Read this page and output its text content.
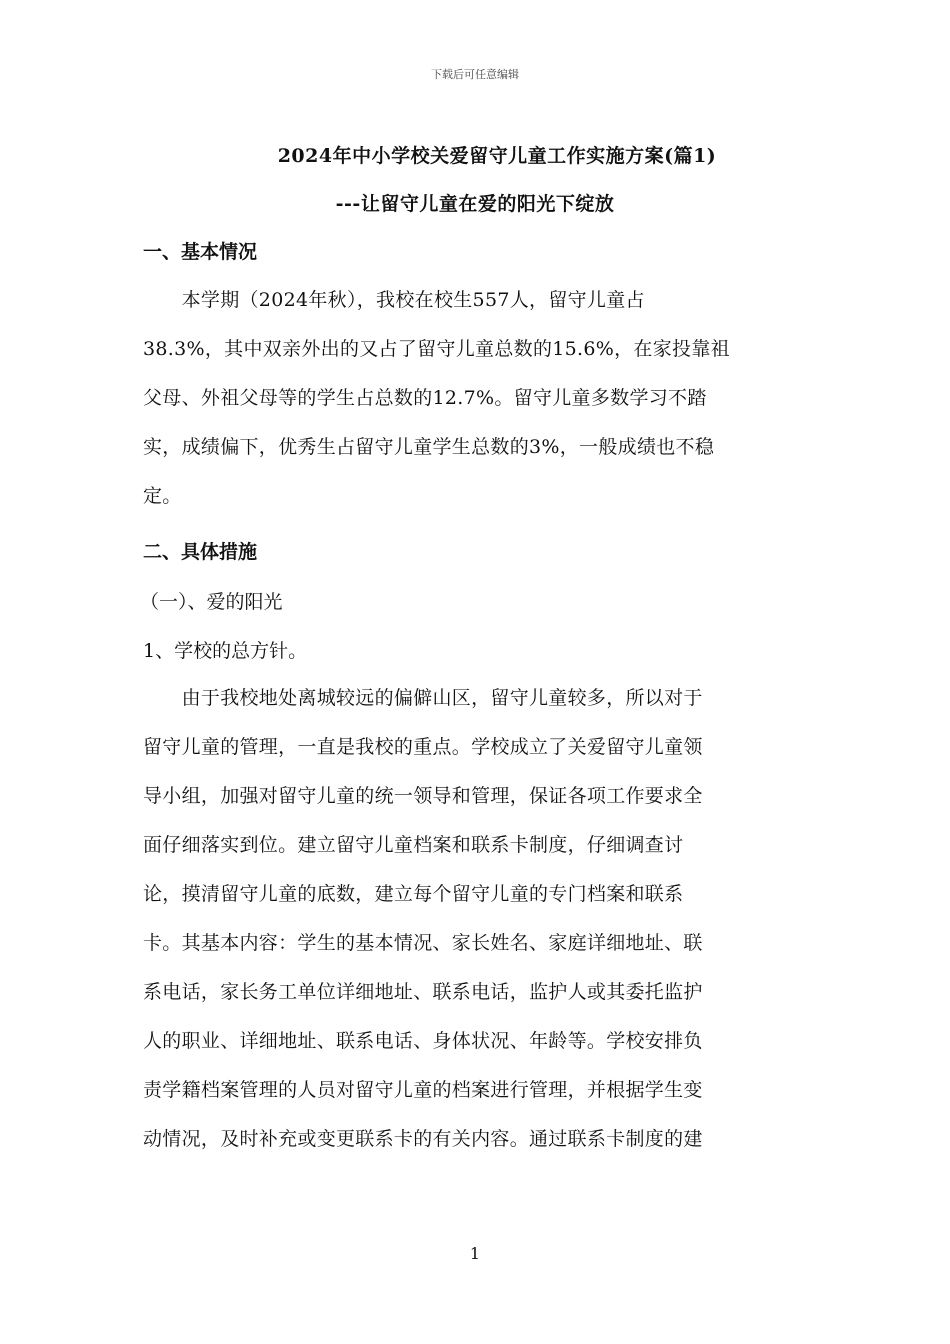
下载后可任意编辑
2024年中小学校关爱留守儿童工作实施方案(篇1)
---让留守儿童在爱的阳光下绽放
一、基本情况
　　本学期（2024年秋），我校在校生557人，留守儿童占
38.3%，其中双亲外出的又占了留守儿童总数的15.6%，在家投靠祖
父母、外祖父母等的学生占总数的12.7%。留守儿童多数学习不踏
实，成绩偏下，优秀生占留守儿童学生总数的3%，一般成绩也不稳
定。
二、具体措施
（一）、爱的阳光
1、学校的总方针。
　　由于我校地处离城较远的偏僻山区，留守儿童较多，所以对于
留守儿童的管理，一直是我校的重点。学校成立了关爱留守儿童领
导小组，加强对留守儿童的统一领导和管理，保证各项工作要求全
面仔细落实到位。建立留守儿童档案和联系卡制度，仔细调查讨
论，摸清留守儿童的底数，建立每个留守儿童的专门档案和联系
卡。其基本内容：学生的基本情况、家长姓名、家庭详细地址、联
系电话，家长务工单位详细地址、联系电话，监护人或其委托监护
人的职业、详细地址、联系电话、身体状况、年龄等。学校安排负
责学籍档案管理的人员对留守儿童的档案进行管理，并根据学生变
动情况，及时补充或变更联系卡的有关内容。通过联系卡制度的建
1
